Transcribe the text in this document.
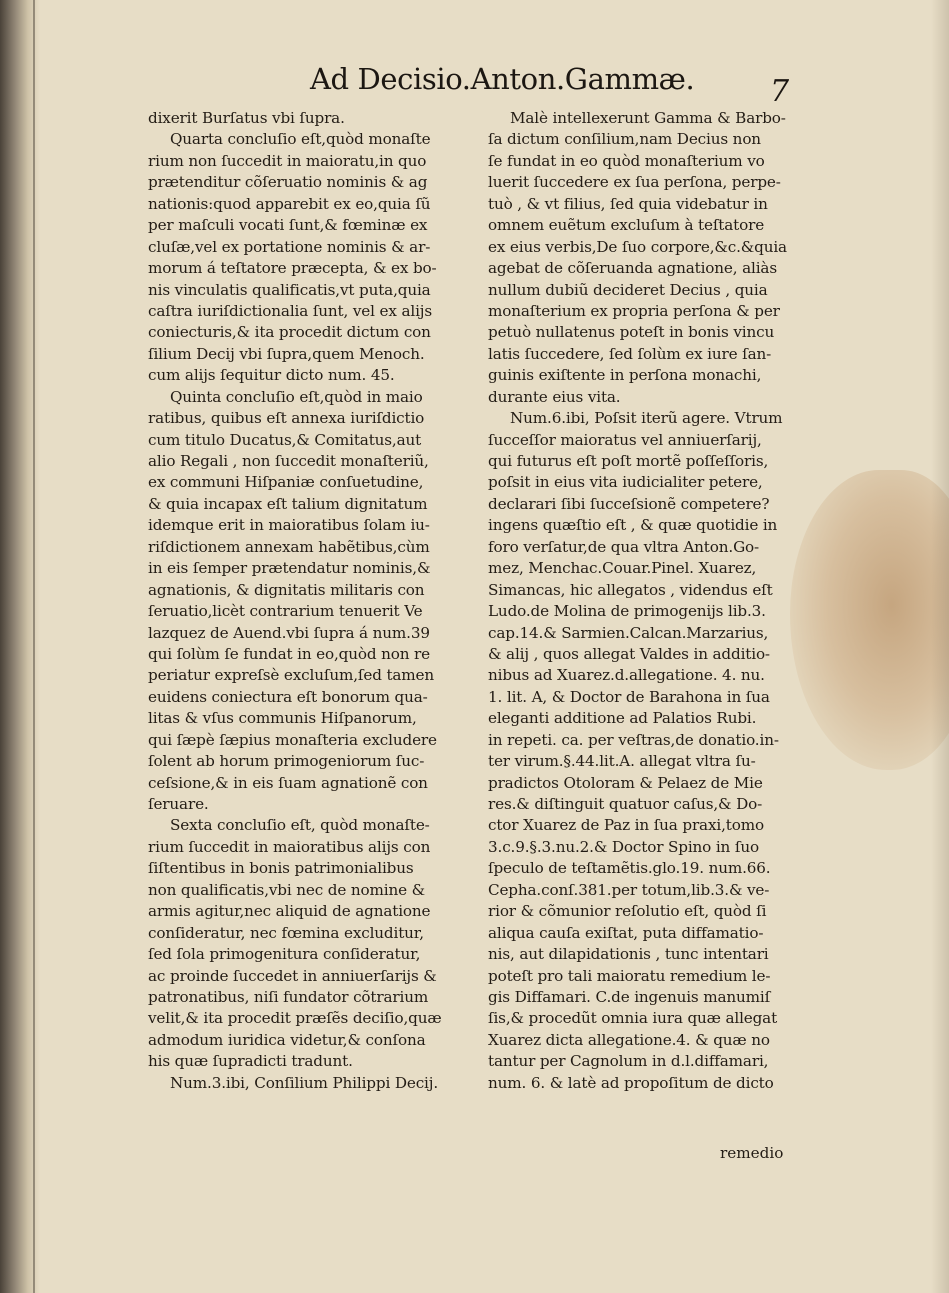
Ad Decisio.Anton.Gammæ.	7
dixerit Burſatus vbi ſupra.
Quarta concluſio eſt,quòd monaſte
rium non ſuccedit in maioratu,in quo
prætenditur cõſeruatio nominis & ag
nationis:quod apparebit ex eo,quia ſũ
per maſculi vocati ſunt,& fœminæ ex
cluſæ,vel ex portatione nominis & ar-
morum á teſtatore præcepta, & ex bo-
nis vinculatis qualificatis,vt puta,quia
caſtra iuriſdictionalia ſunt, vel ex alijs
coniecturis,& ita procedit dictum con
ſilium Decij vbi ſupra,quem Menoch.
cum alijs ſequitur dicto num. 45.
Quinta concluſio eſt,quòd in maio
ratibus, quibus eſt annexa iuriſdictio
cum titulo Ducatus,& Comitatus,aut
alio Regali , non ſuccedit monaſteriũ,
ex communi Hiſpaniæ conſuetudine,
& quia incapax eſt talium dignitatum
idemque erit in maioratibus ſolam iu-
riſdictionem annexam habẽtibus,cùm
in eis ſemper prætendatur nominis,&
agnationis, & dignitatis militaris con
ſeruatio,licèt contrarium tenuerit Ve
lazquez de Auend.vbi ſupra á num.39
qui ſolùm ſe fundat in eo,quòd non re
periatur expreſsè excluſum,ſed tamen
euidens coniectura eſt bonorum qua-
litas & vſus communis Hiſpanorum,
qui ſæpè ſæpius monaſteria excludere
ſolent ab horum primogeniorum ſuc-
ceſsione,& in eis ſuam agnationẽ con
ſeruare.
Sexta concluſio eſt, quòd monaſte-
rium ſuccedit in maioratibus alijs con
ſiſtentibus in bonis patrimonialibus
non qualificatis,vbi nec de nomine &
armis agitur,nec aliquid de agnatione
conſideratur, nec fœmina excluditur,
ſed ſola primogenitura conſideratur,
ac proinde ſuccedet in anniuerſarijs &
patronatibus, niſi fundator cõtrarium
velit,& ita procedit præſẽs deciſio,quæ
admodum iuridica videtur,& conſona
his quæ ſupradicti tradunt.
Num.3.ibi, Conſilium Philippi Decij.
Malè intellexerunt Gamma & Barbo-
ſa dictum conſilium,nam Decius non
ſe fundat in eo quòd monaſterium vo
luerit ſuccedere ex ſua perſona, perpe-
tuò , & vt filius, ſed quia videbatur in
omnem euẽtum excluſum à teſtatore
ex eius verbis,De ſuo corpore,&c.&quia
agebat de cõſeruanda agnatione, aliàs
nullum dubiũ decideret Decius , quia
monaſterium ex propria perſona & per
petuò nullatenus poteſt in bonis vincu
latis ſuccedere, ſed ſolùm ex iure ſan-
guinis exiſtente in perſona monachi,
durante eius vita.
Num.6.ibi, Poſsit iterũ agere. Vtrum
ſucceſſor maioratus vel anniuerſarij,
qui futurus eſt poſt mortẽ poſſeſſoris,
poſsit in eius vita iudicialiter petere,
declarari ſibi ſucceſsionẽ competere?
ingens quæſtio eſt , & quæ quotidie in
foro verſatur,de qua vltra Anton.Go-
mez, Menchac.Couar.Pinel. Xuarez,
Simancas, hic allegatos , videndus eſt
Ludo.de Molina de primogenijs lib.3.
cap.14.& Sarmien.Calcan.Marzarius,
& alij , quos allegat Valdes in additio-
nibus ad Xuarez.d.allegatione. 4. nu.
1. lit. A, & Doctor de Barahona in ſua
eleganti additione ad Palatios Rubi.
in repeti. ca. per veſtras,de donatio.in-
ter virum.§.44.lit.A. allegat vltra ſu-
pradictos Otoloram & Pelaez de Mie
res.& diſtinguit quatuor caſus,& Do-
ctor Xuarez de Paz in ſua praxi,tomo
3.c.9.§.3.nu.2.& Doctor Spino in ſuo
ſpeculo de teſtamẽtis.glo.19. num.66.
Cepha.conſ.381.per totum,lib.3.& ve-
rior & cõmunior reſolutio eſt, quòd ſi
aliqua cauſa exiſtat, puta diffamatio-
nis, aut dilapidationis , tunc intentari
poteſt pro tali maioratu remedium le-
gis Diffamari. C.de ingenuis manumiſ
ſis,& procedũt omnia iura quæ allegat
Xuarez dicta allegatione.4. & quæ no
tantur per Cagnolum in d.l.diffamari,
num. 6. & latè ad propoſitum de dicto
remedio
